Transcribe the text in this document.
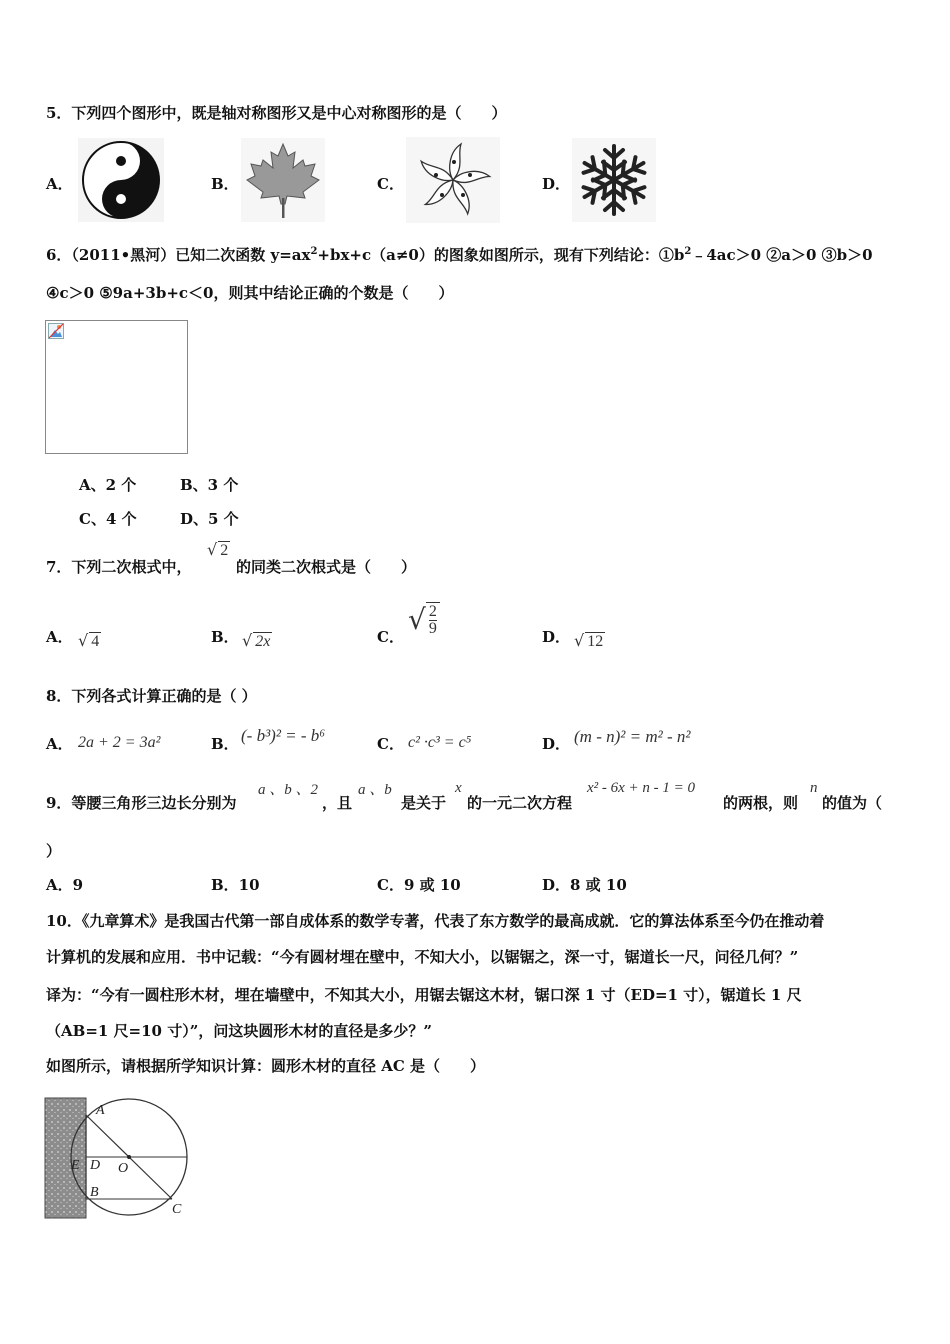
5．下列四个图形中，既是轴对称图形又是中心对称图形的是（　　）
A．	B．	C．	D．
6．（2011•黑河）已知二次函数 $y=ax^2+bx+c(a\ne 0)$的图象如图所示，现有下列结论：$①b^2﹣4ac>0$ ②a＞0 ③b＞0
④c＞0 ⑤9a+3b+c＜0，则其中结论正确的个数是（　　）
A、2 个	B、3 个
C、4 个	D、5 个
7．下列二次根式中，
√ 2
的同类二次根式是（　　）
A． √ 4	B． √ 2x	C．
√ $\frac{2}{9}$	D． √ 12
8．下列各式计算正确的是（ ）
A． 2a + 2 = 3a²	B． (- b³)² = - b⁶	C． c² ·c³ = c⁵	D． (m - n)² = m² - n²
9．等腰三角形三边长分别为
a 、b 、2
，且
a 、b
是关于
x
的一元二次方程
x² - 6x + n - 1 = 0
的两根，则
n
的值为（
）
A．9	B．10	C．9 或 10	D．8 或 10
10．《九章算术》是我国古代第一部自成体系的数学专著，代表了东方数学的最高成就．它的算法体系至今仍在推动着
计算机的发展和应用．书中记载：“今有圆材埋在壁中，不知大小，以锯锯之，深一寸，锯道长一尺，问径几何？”
译为：“今有一圆柱形木材，埋在墙壁中，不知其大小，用锯去锯这木材，锯口深 1 寸（ED=1 寸），锯道长 1 尺
（AB=1 尺=10 寸）”，问这块圆形木材的直径是多少？”
如图所示，请根据所学知识计算：圆形木材的直径 AC 是（　　）
A
E D O
B
C
